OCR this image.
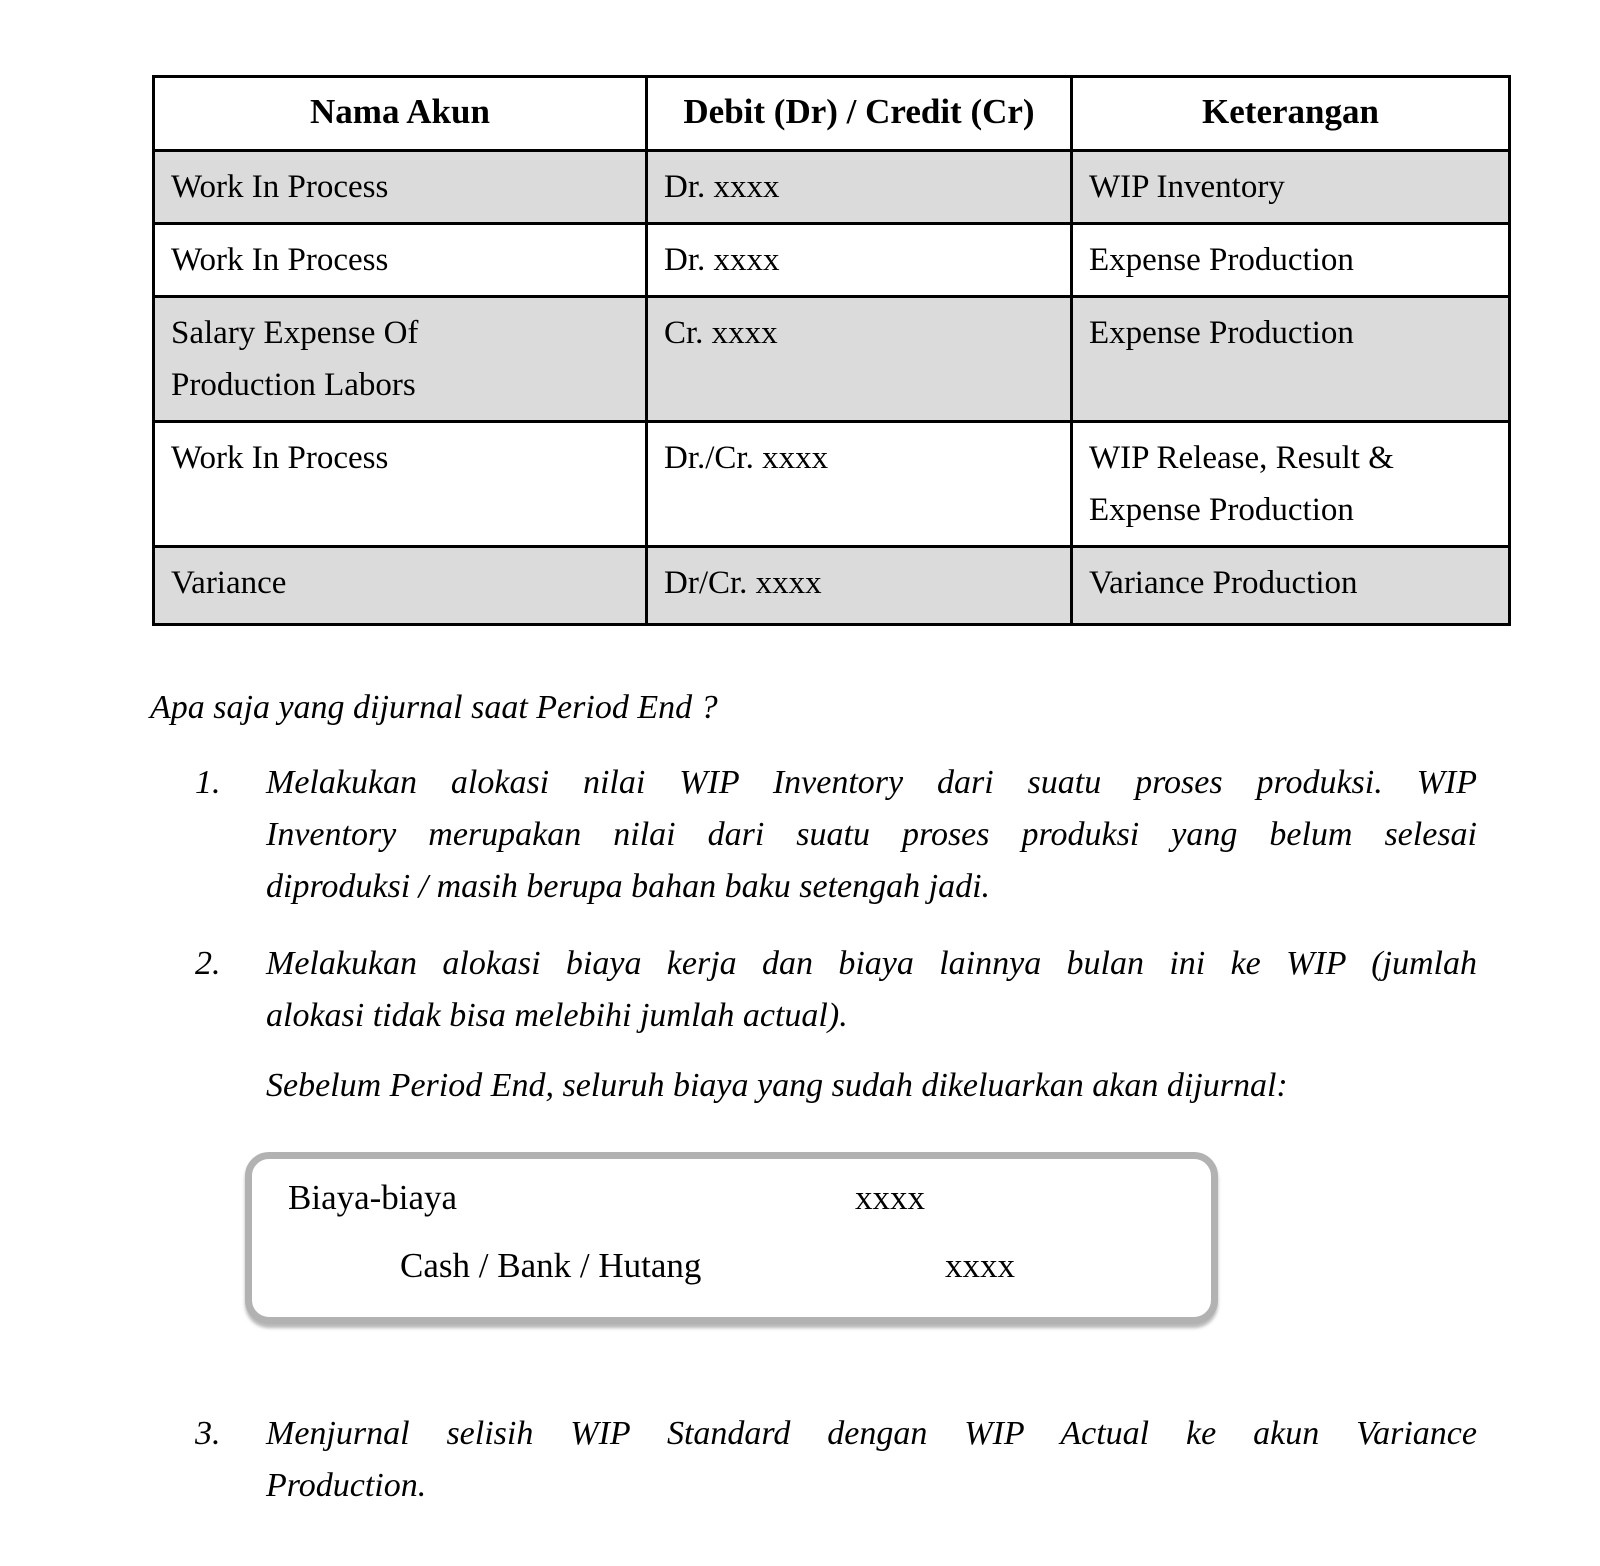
Nama Akun	Debit (Dr) / Credit (Cr)	Keterangan

Work In Process	Dr. xxxx	WIP Inventory

Work In Process	Dr. xxxx	Expense Production

Salary Expense Of
Production Labors	Cr. xxxx	Expense Production

Work In Process	Dr./Cr. xxxx	WIP Release, Result &
Expense Production

Variance	Dr/Cr. xxxx	Variance Production
Apa saja yang dijurnal saat Period End ?
1. Melakukan alokasi nilai WIP Inventory dari suatu proses produksi. WIP
Inventory merupakan nilai dari suatu proses produksi yang belum selesai
diproduksi / masih berupa bahan baku setengah jadi.
2. Melakukan alokasi biaya kerja dan biaya lainnya bulan ini ke WIP (jumlah
alokasi tidak bisa melebihi jumlah actual).
Sebelum Period End, seluruh biaya yang sudah dikeluarkan akan dijurnal:
Biaya-biaya	xxxx
Cash / Bank / Hutang	xxxx
3. Menjurnal selisih WIP Standard dengan WIP Actual ke akun Variance
Production.
